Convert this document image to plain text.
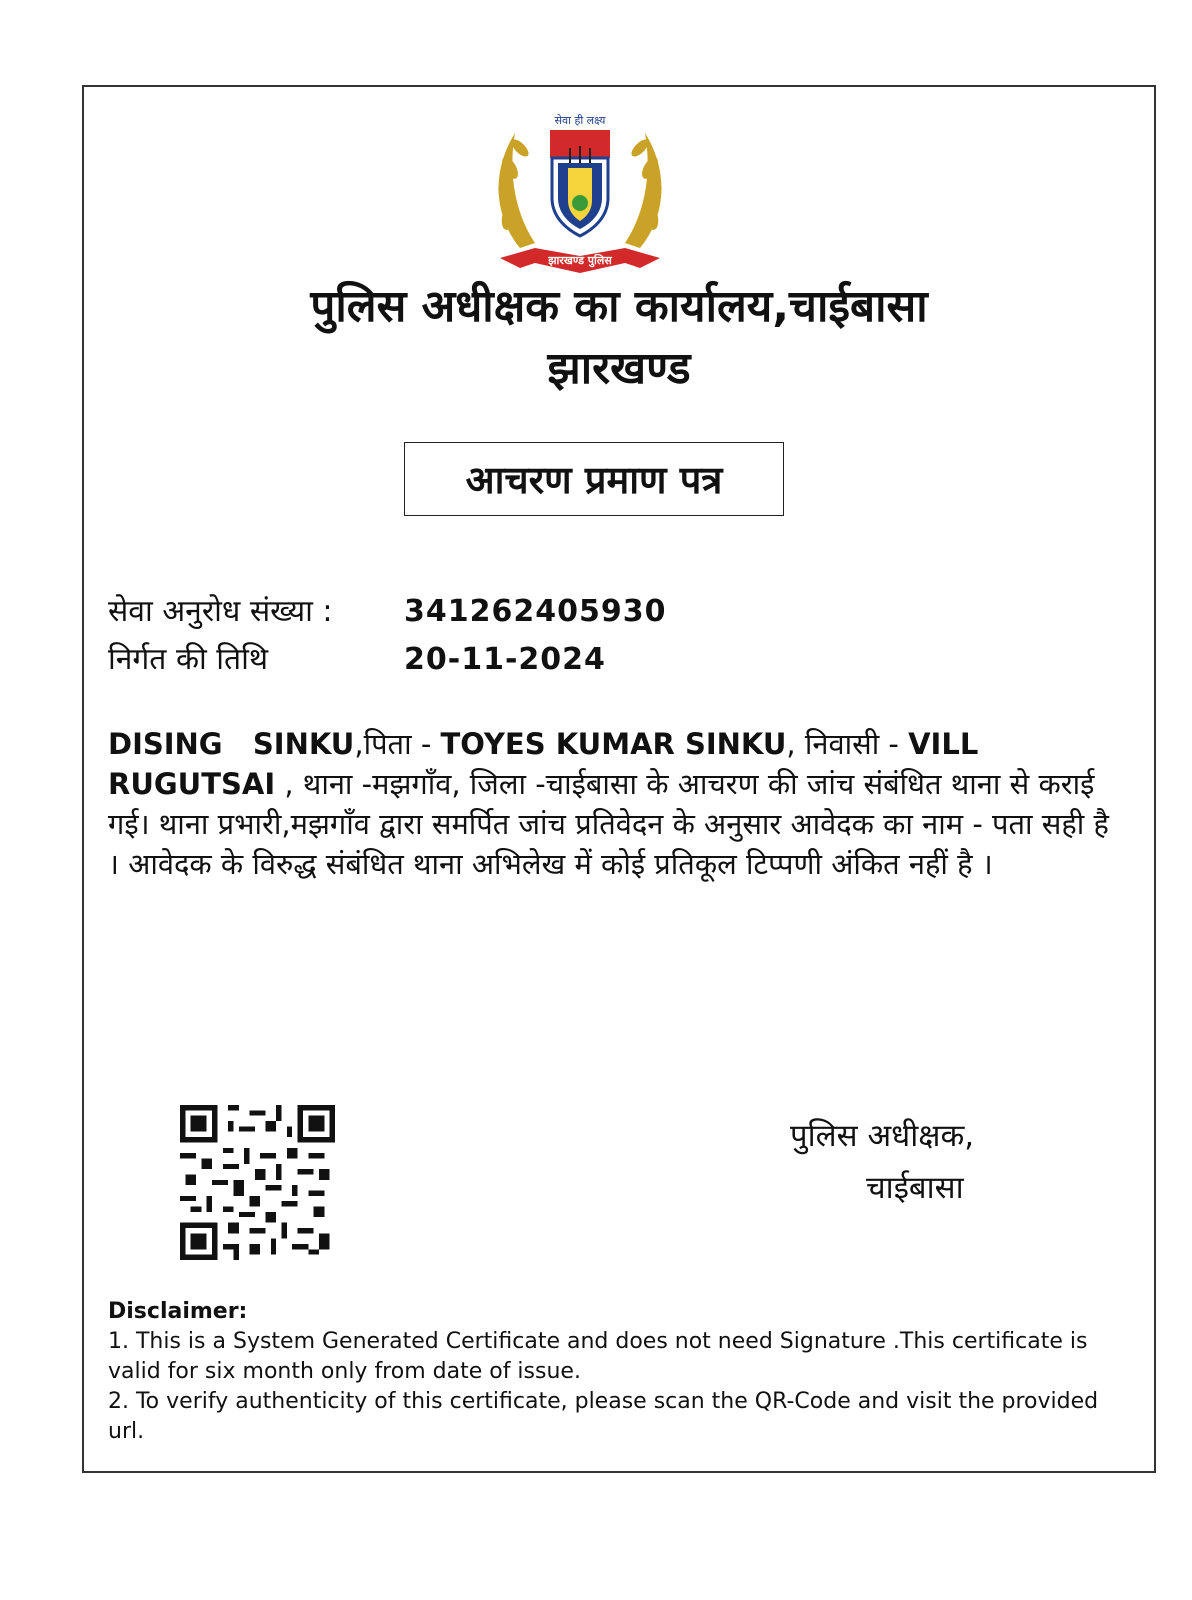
सेवा ही लक्ष्य
झारखण्ड पुलिस
पुलिस अधीक्षक का कार्यालय,चाईबासा
झारखण्ड
आचरण प्रमाण पत्र
सेवा अनुरोध संख्या : 341262405930
निर्गत की तिथि	20-11-2024
DISING   SINKU,पिता - TOYES KUMAR SINKU, निवासी - VILL RUGUTSAI , थाना -मझगाँव, जिला -चाईबासा के आचरण की जांच संबंधित थाना से कराई गई। थाना प्रभारी,मझगाँव द्वारा समर्पित जांच प्रतिवेदन के अनुसार आवेदक का नाम - पता सही है । आवेदक के विरुद्ध संबंधित थाना अभिलेख में कोई प्रतिकूल टिप्पणी अंकित नहीं है ।
पुलिस अधीक्षक,
चाईबासा
Disclaimer:
1. This is a System Generated Certificate and does not need Signature .This certificate is valid for six month only from date of issue.
2. To verify authenticity of this certificate, please scan the QR-Code and visit the provided url.
